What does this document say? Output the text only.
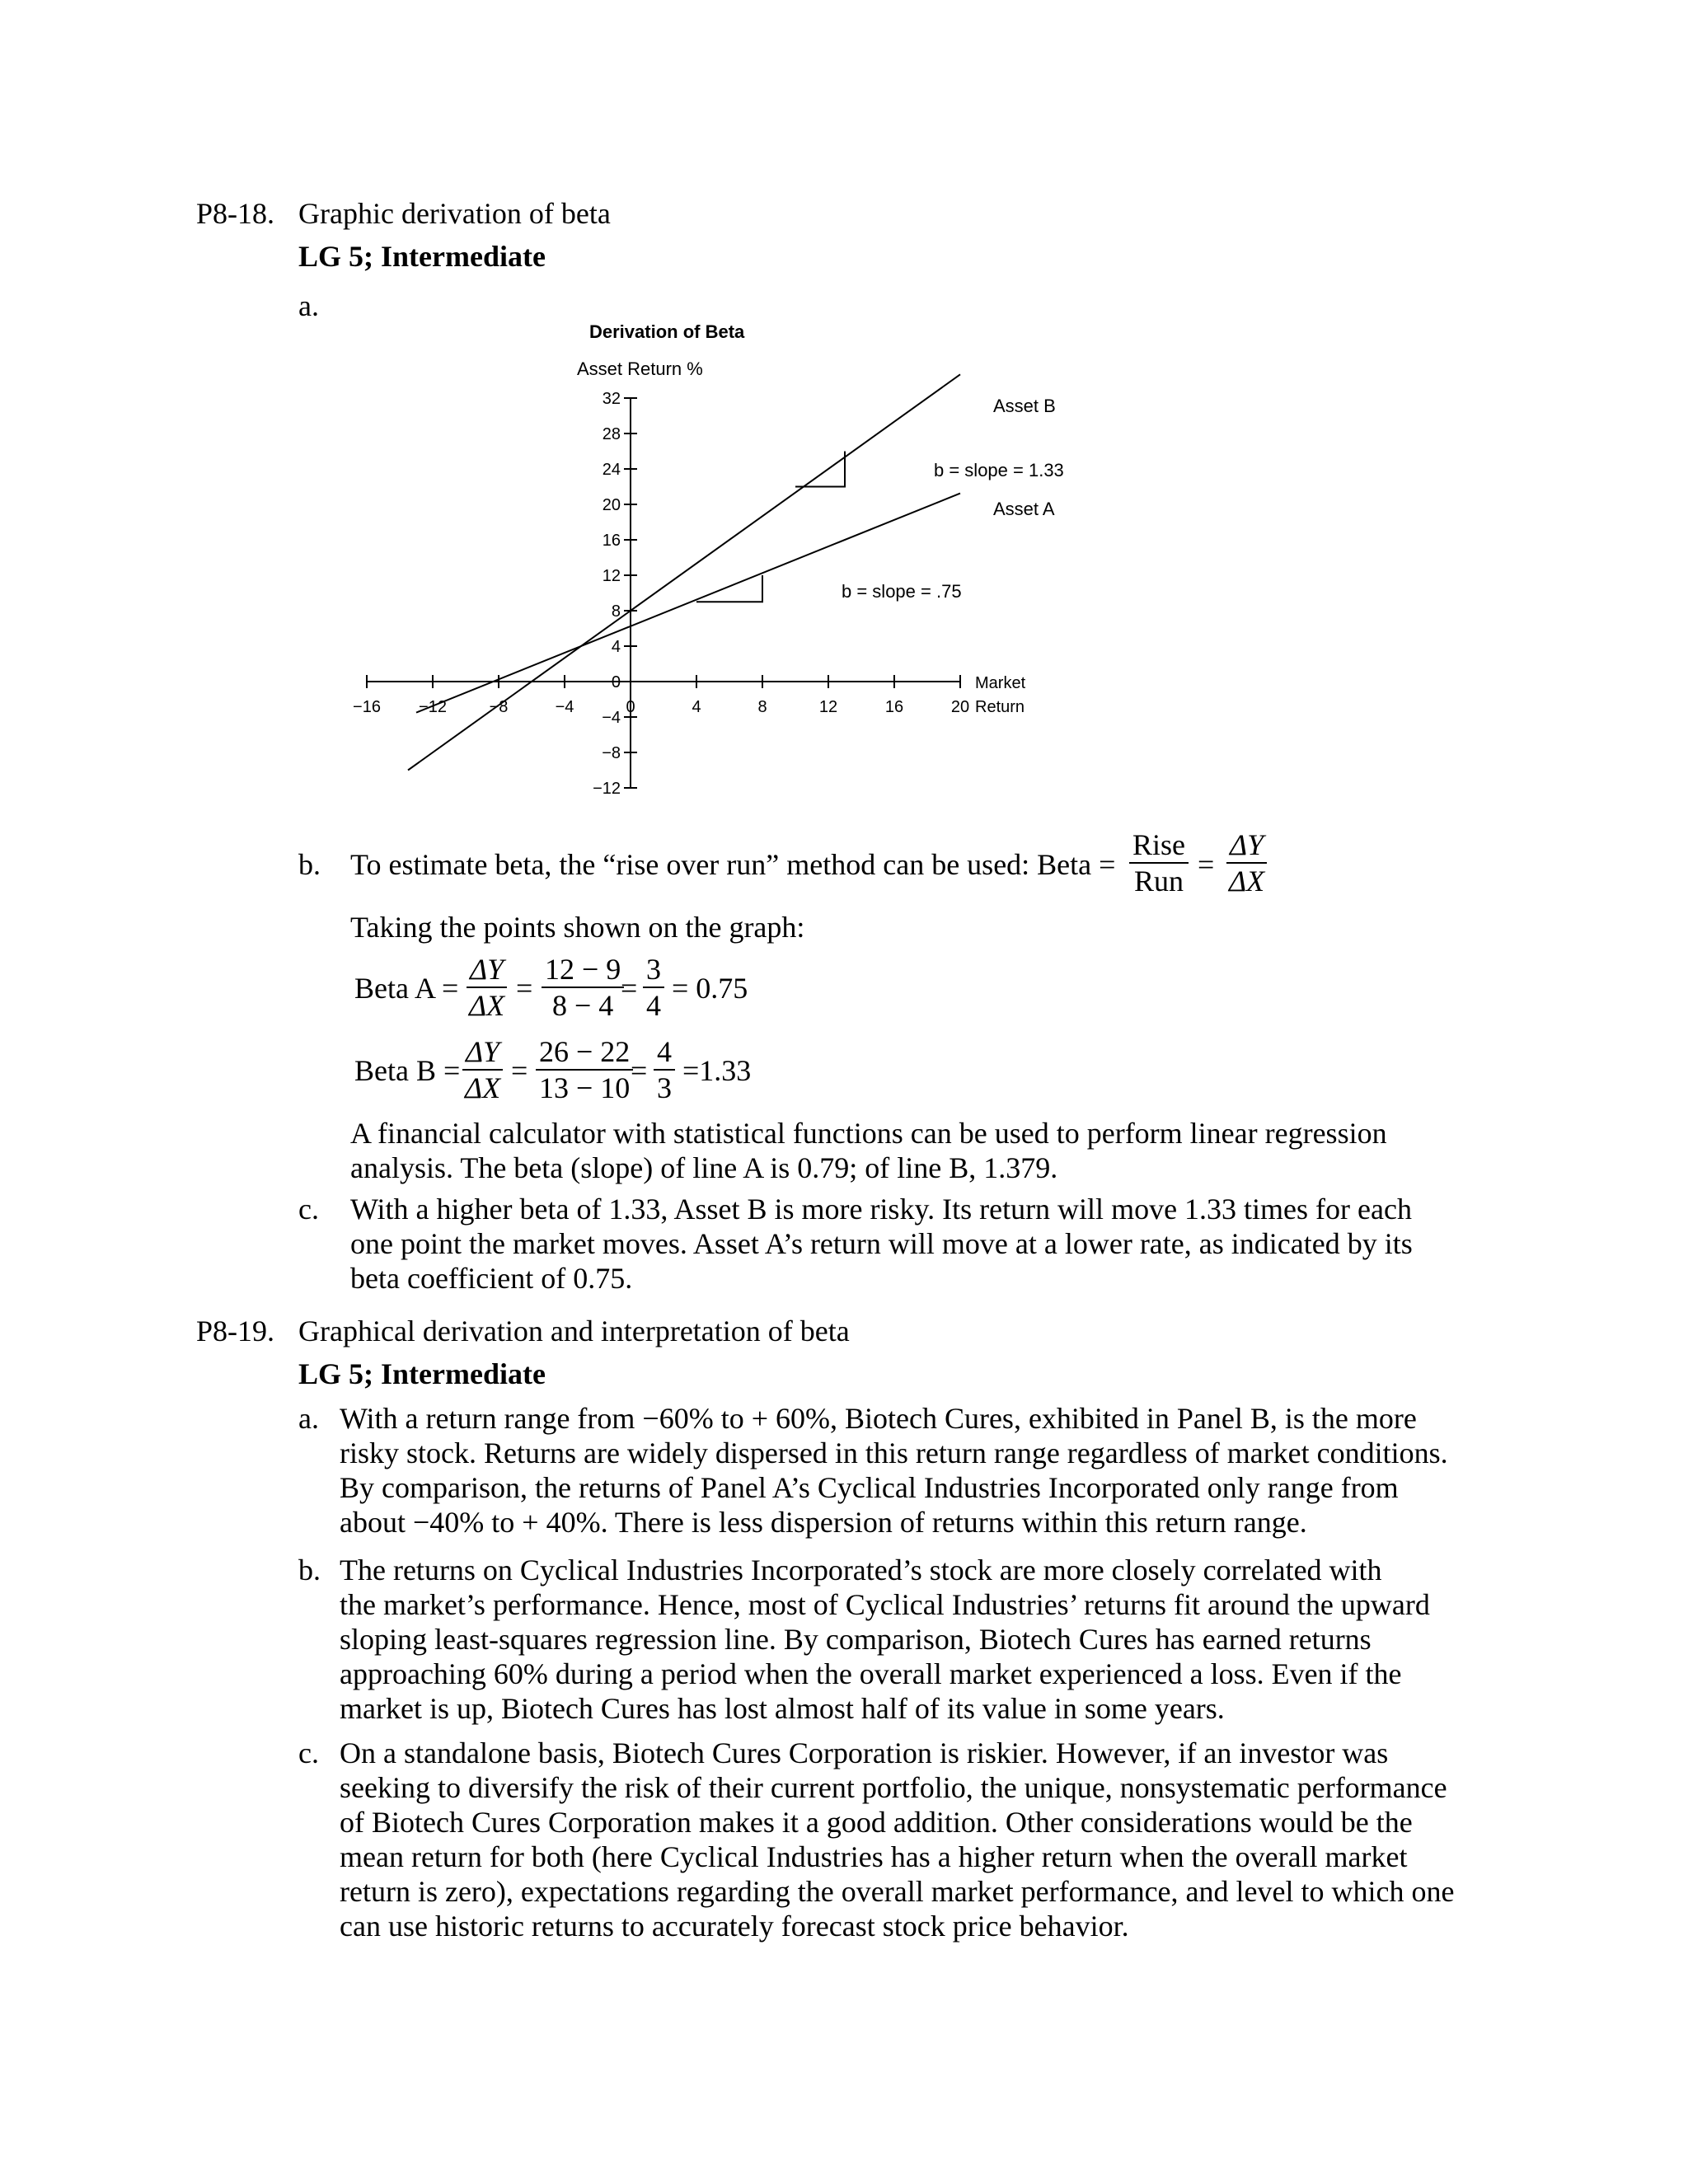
P8-18. Graphic derivation of beta
LG 5; Intermediate
a.
Derivation of Beta
Asset Return %
−16 −12	−8	−4	4	8	12	16	20
−12
−8
−4
0
4
8
12
16
20
24
28
32
0
Market
Return
Asset B
b = slope = 1.33
Asset A
b = slope = .75
b. To estimate beta, the “rise over run” method can be used: Beta =
Rise
Run = $\frac{\Delta Y}{\Delta X}$
Taking the points shown on the graph:
Beta $A = \frac{\Delta Y}{\Delta X} = \frac{12 - 9}{8 - 4}$
= $\frac{3}{4} = 0.75$
Beta $B = \frac{\Delta Y}{\Delta X} = \frac{26 - 22}{13 - 10}$
= $\frac{4}{3} =1.33$
A financial calculator with statistical functions can be used to perform linear regression
analysis. The beta (slope) of line A is 0.79; of line B, 1.379.
c. With a higher beta of 1.33, Asset B is more risky. Its return will move 1.33 times for each
one point the market moves. Asset A’s return will move at a lower rate, as indicated by its
beta coefficient of 0.75.
P8-19. Graphical derivation and interpretation of beta
LG 5; Intermediate
a. With a return range from −60% to + 60%, Biotech Cures, exhibited in Panel B, is the more
risky stock. Returns are widely dispersed in this return range regardless of market conditions.
By comparison, the returns of Panel A’s Cyclical Industries Incorporated only range from
about −40% to + 40%. There is less dispersion of returns within this return range.
b. The returns on Cyclical Industries Incorporated’s stock are more closely correlated with
the market’s performance. Hence, most of Cyclical Industries’ returns fit around the upward
sloping least-squares regression line. By comparison, Biotech Cures has earned returns
approaching 60% during a period when the overall market experienced a loss. Even if the
market is up, Biotech Cures has lost almost half of its value in some years.
c. On a standalone basis, Biotech Cures Corporation is riskier. However, if an investor was
seeking to diversify the risk of their current portfolio, the unique, nonsystematic performance
of Biotech Cures Corporation makes it a good addition. Other considerations would be the
mean return for both (here Cyclical Industries has a higher return when the overall market
return is zero), expectations regarding the overall market performance, and level to which one
can use historic returns to accurately forecast stock price behavior.
